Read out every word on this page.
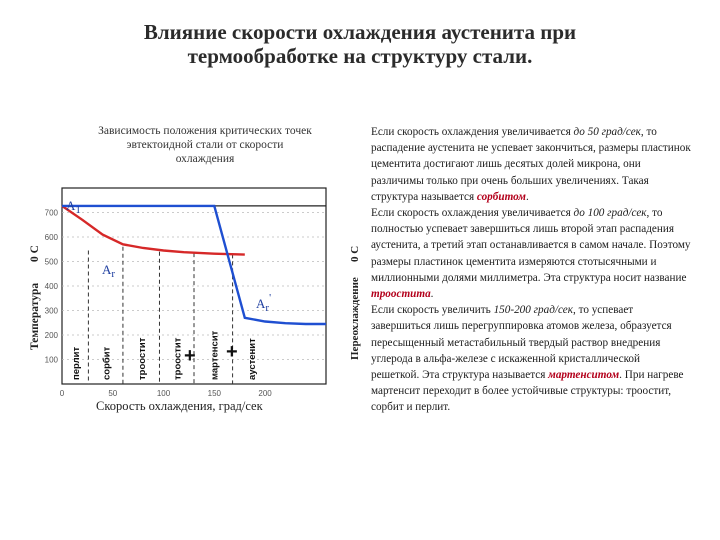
Влияние скорости охлаждения аустенита при
термообработке на структуру стали.
Зависимость положения критических точек
эвтектоидной стали от скорости
охлаждения
100
200
300
400
500
600
700
0	50	100	150	200
перлит сорбит	троостит	троостит	мартенсит	аустенит
$A_1$
$A_r$
$A_r'$
+ +
Температура
0 C
Переохлаждение
0 C
Скорость охлаждения, град/сек

Если скорость охлаждения увеличивается до 50 град/сек, то распадение аустенита не успевает закончиться, размеры пластинок цементита достигают лишь десятых долей микрона, они различимы только при очень больших увеличениях. Такая структура называется сорбитом.

Если скорость охлаждения увеличивается до 100 град/сек, то полностью успевает завершиться лишь второй этап распадения аустенита, а третий этап останавливается в самом начале. Поэтому размеры пластинок цементита измеряются стотысячными и миллионными долями миллиметра. Эта структура носит название троостита.

Если скорость увеличить 150-200 град/сек, то успевает завершиться лишь перегруппировка атомов железа, образуется пересыщенный метастабильный твердый раствор внедрения углерода в альфа-железе с искаженной кристаллической решеткой. Эта структура называется мартенситом. При нагреве мартенсит переходит в более устойчивые структуры: троостит, сорбит и перлит.
